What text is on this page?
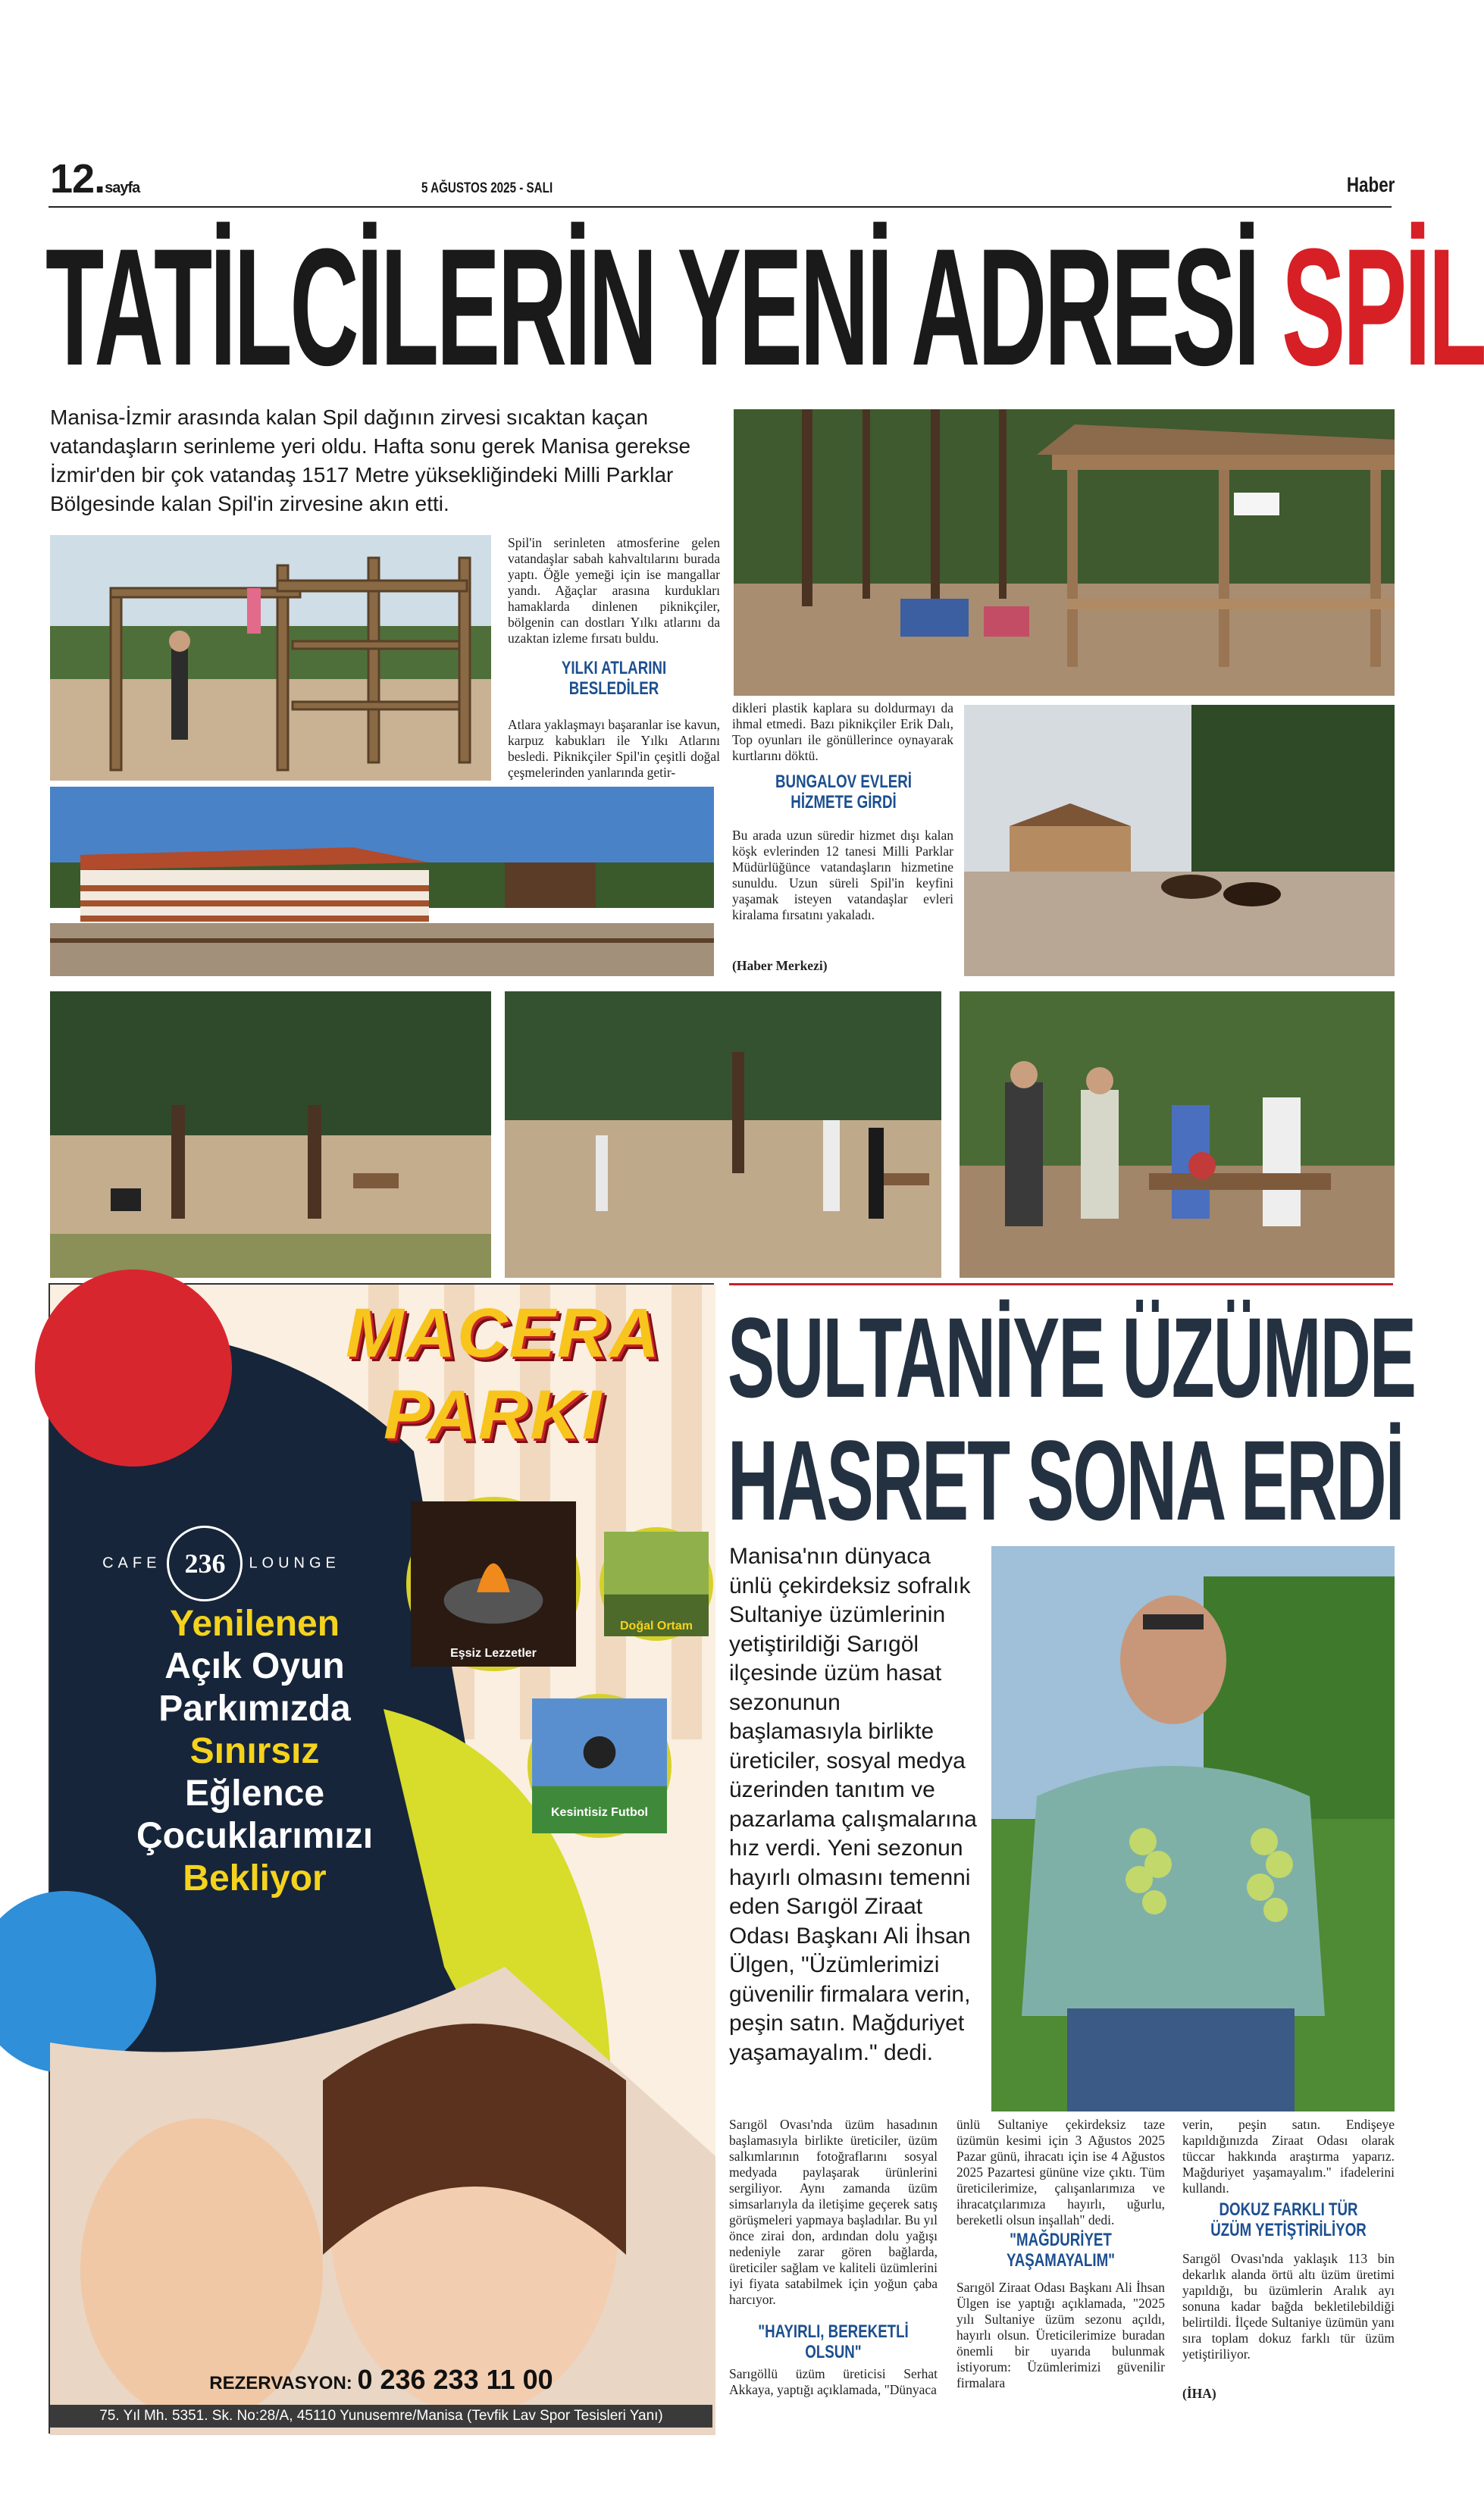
12.sayfa	5 AĞUSTOS 2025 - SALI	Haber
TATİLCİLERİN YENİ ADRESİ SPİL
Manisa-İzmir arasında kalan Spil dağının zirvesi sıcaktan kaçan vatandaşların serinleme yeri oldu. Hafta sonu gerek Manisa gerekse İzmir'den bir çok vatandaş 1517 Metre yüksekliğindeki Milli Parklar Bölgesinde kalan Spil'in zirvesine akın etti.
Spil'in serinleten atmosferine gelen vatandaşlar sabah kahvaltılarını burada yaptı. Öğle yemeği için ise mangallar yandı. Ağaçlar arasına kurdukları hamaklarda dinlenen piknikçiler, bölgenin can dostları Yılkı atlarını da uzaktan izleme fırsatı buldu.
YILKI ATLARINI
BESLEDİLER
Atlara yaklaşmayı başaranlar ise kavun, karpuz kabukları ile Yılkı Atlarını besledi. Piknikçiler Spil'in çeşitli doğal çeşmelerinden yanlarında getir-
dikleri plastik kaplara su doldurmayı da ihmal etmedi. Bazı piknikçiler Erik Dalı, Top oyunları ile gönüllerince oynayarak kurtlarını döktü.
BUNGALOV EVLERİ
HİZMETE GİRDİ
Bu arada uzun süredir hizmet dışı kalan köşk evlerinden 12 tanesi Milli Parklar Müdürlüğünce vatandaşların hizmetine sunuldu. Uzun süreli Spil'in keyfini yaşamak isteyen vatandaşlar evleri kiralama fırsatını yakaladı.
(Haber Merkezi)
MACERA
PARKI
CAFE 236 LOUNGE
Yenilenen
Açık Oyun
Parkımızda
Sınırsız
Eğlence
Çocuklarımızı
Bekliyor
Eşsiz Lezzetler
Doğal Ortam
Kesintisiz Futbol
REZERVASYON: 0 236 233 11 00
75. Yıl Mh. 5351. Sk. No:28/A, 45110 Yunusemre/Manisa (Tevfik Lav Spor Tesisleri Yanı)
SULTANİYE ÜZÜMDE
HASRET SONA ERDİ
Manisa'nın dünyaca ünlü çekirdeksiz sofralık Sultaniye üzümlerinin yetiştirildiği Sarıgöl ilçesinde üzüm hasat sezonunun başlamasıyla birlikte üreticiler, sosyal medya üzerinden tanıtım ve pazarlama çalışmalarına hız verdi. Yeni sezonun hayırlı olmasını temenni eden Sarıgöl Ziraat Odası Başkanı Ali İhsan Ülgen, "Üzümlerimizi güvenilir firmalara verin, peşin satın. Mağduriyet yaşamayalım." dedi.
Sarıgöl Ovası'nda üzüm hasadının başlamasıyla birlikte üreticiler, üzüm salkımlarının fotoğraflarını sosyal medyada paylaşarak ürünlerini sergiliyor. Aynı zamanda üzüm simsarlarıyla da iletişime geçerek satış görüşmeleri yapmaya başladılar. Bu yıl önce zirai don, ardından dolu yağışı nedeniyle zarar gören bağlarda, üreticiler sağlam ve kaliteli üzümlerini iyi fiyata satabilmek için yoğun çaba harcıyor.
"HAYIRLI, BEREKETLİ
OLSUN"
Sarıgöllü üzüm üreticisi Serhat Akkaya, yaptığı açıklamada, "Dünyaca
ünlü Sultaniye çekirdeksiz taze üzümün kesimi için 3 Ağustos 2025 Pazar günü, ihracatı için ise 4 Ağustos 2025 Pazartesi gününe vize çıktı. Tüm üreticilerimize, çalışanlarımıza ve ihracatçılarımıza hayırlı, uğurlu, bereketli olsun inşallah" dedi.
"MAĞDURİYET
YAŞAMAYALIM"
Sarıgöl Ziraat Odası Başkanı Ali İhsan Ülgen ise yaptığı açıklamada, "2025 yılı Sultaniye üzüm sezonu açıldı, hayırlı olsun. Üreticilerimize buradan önemli bir uyarıda bulunmak istiyorum: Üzümlerimizi güvenilir firmalara
verin, peşin satın. Endişeye kapıldığınızda Ziraat Odası olarak tüccar hakkında araştırma yaparız. Mağduriyet yaşamayalım." ifadelerini kullandı.
DOKUZ FARKLI TÜR
ÜZÜM YETİŞTİRİLİYOR
Sarıgöl Ovası'nda yaklaşık 113 bin dekarlık alanda örtü altı üzüm üretimi yapıldığı, bu üzümlerin Aralık ayı sonuna kadar bağda bekletilebildiği belirtildi. İlçede Sultaniye üzümün yanı sıra toplam dokuz farklı tür üzüm yetiştiriliyor.
(İHA)
